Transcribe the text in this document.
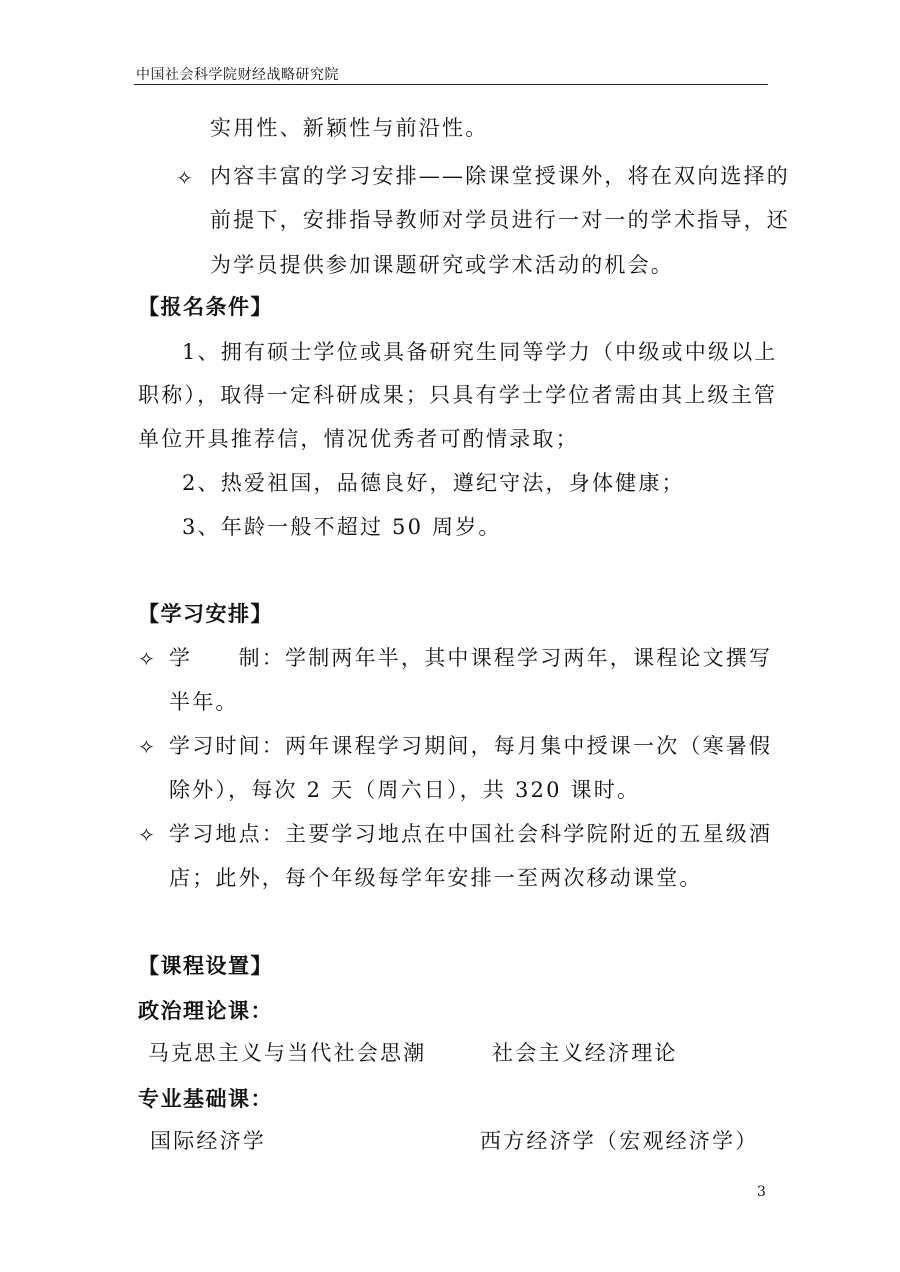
中国社会科学院财经战略研究院
实用性、新颖性与前沿性。
✧ 内容丰富的学习安排——除课堂授课外，将在双向选择的
前提下，安排指导教师对学员进行一对一的学术指导，还
为学员提供参加课题研究或学术活动的机会。
【报名条件】
1、拥有硕士学位或具备研究生同等学力（中级或中级以上
职称），取得一定科研成果；只具有学士学位者需由其上级主管
单位开具推荐信，情况优秀者可酌情录取；
2、热爱祖国，品德良好，遵纪守法，身体健康；
3、年龄一般不超过 50 周岁。
【学习安排】
✧ 学　　制：学制两年半，其中课程学习两年，课程论文撰写
半年。
✧ 学习时间：两年课程学习期间，每月集中授课一次（寒暑假
除外），每次 2 天（周六日），共 320 课时。
✧ 学习地点：主要学习地点在中国社会科学院附近的五星级酒
店；此外，每个年级每学年安排一至两次移动课堂。
【课程设置】
政治理论课：
马克思主义与当代社会思潮	社会主义经济理论
专业基础课：
国际经济学	西方经济学（宏观经济学）
3
